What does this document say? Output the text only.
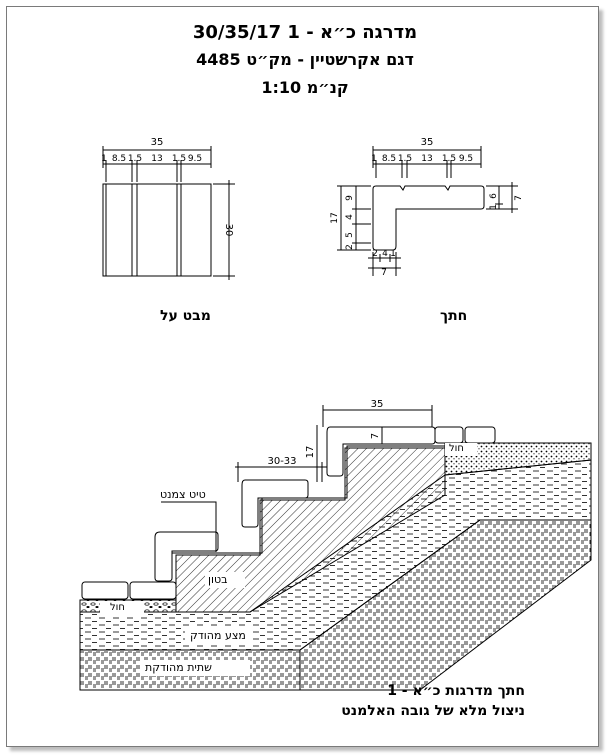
35
1 8.5 1.5 13 1.5 9.5
30
35
1 8.5 1.5 13 1.5 9.5
17
9
4
5
2
7
6
1
2 4 1
7
35
7
30-33
17
מדרגה כ״א - 1 30/35/17
דגם אקרשטיין - מק״ט 4485
קנ״מ 1:10
מבט על	חתך
טיט צמנט
בטון
חול
חול
מצע מהודק
שתית מהודקת
חתך מדרגות כ״א - 1
ניצול מלא של גובה האלמנט
